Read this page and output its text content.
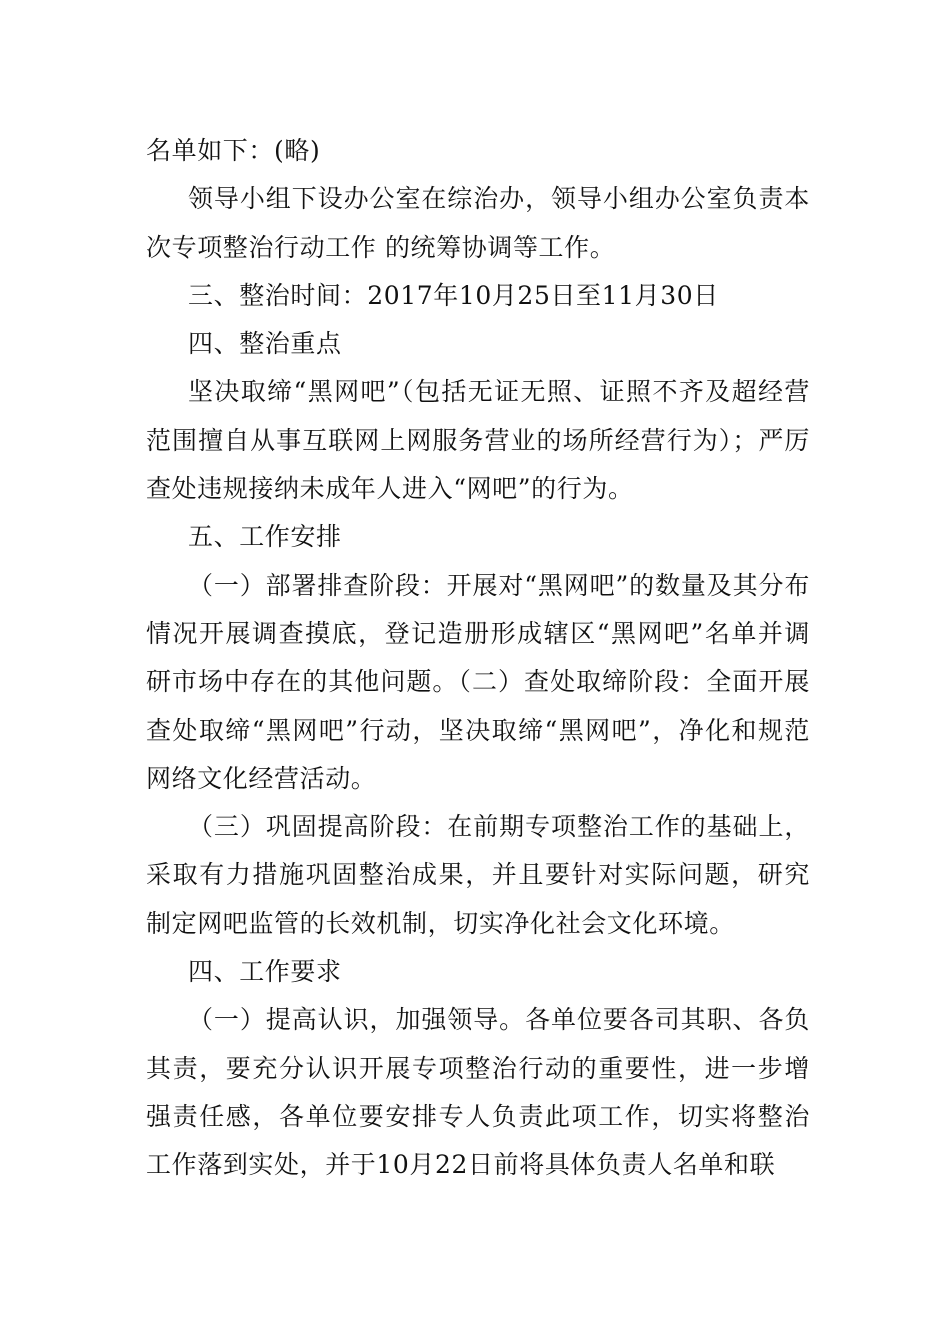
名单如下：(略)

领导小组下设办公室在综治办，领导小组办公室负责本次专项整治行动工作 的统筹协调等工作。

三、整治时间：2017年10月25日至11月30日

四、整治重点

坚决取缔“黑网吧”（包括无证无照、证照不齐及超经营范围擅自从事互联网上网服务营业的场所经营行为）；严厉查处违规接纳未成年人进入“网吧”的行为。

五、工作安排

（一）部署排查阶段：开展对“黑网吧”的数量及其分布情况开展调查摸底，登记造册形成辖区“黑网吧”名单并调研市场中存在的其他问题。（二）查处取缔阶段：全面开展查处取缔“黑网吧”行动，坚决取缔“黑网吧”，净化和规范网络文化经营活动。

（三）巩固提高阶段：在前期专项整治工作的基础上，采取有力措施巩固整治成果，并且要针对实际问题，研究制定网吧监管的长效机制，切实净化社会文化环境。

四、工作要求

（一）提高认识，加强领导。各单位要各司其职、各负其责，要充分认识开展专项整治行动的重要性，进一步增强责任感，各单位要安排专人负责此项工作，切实将整治工作落到实处，并于10月22日前将具体负责人名单和联
